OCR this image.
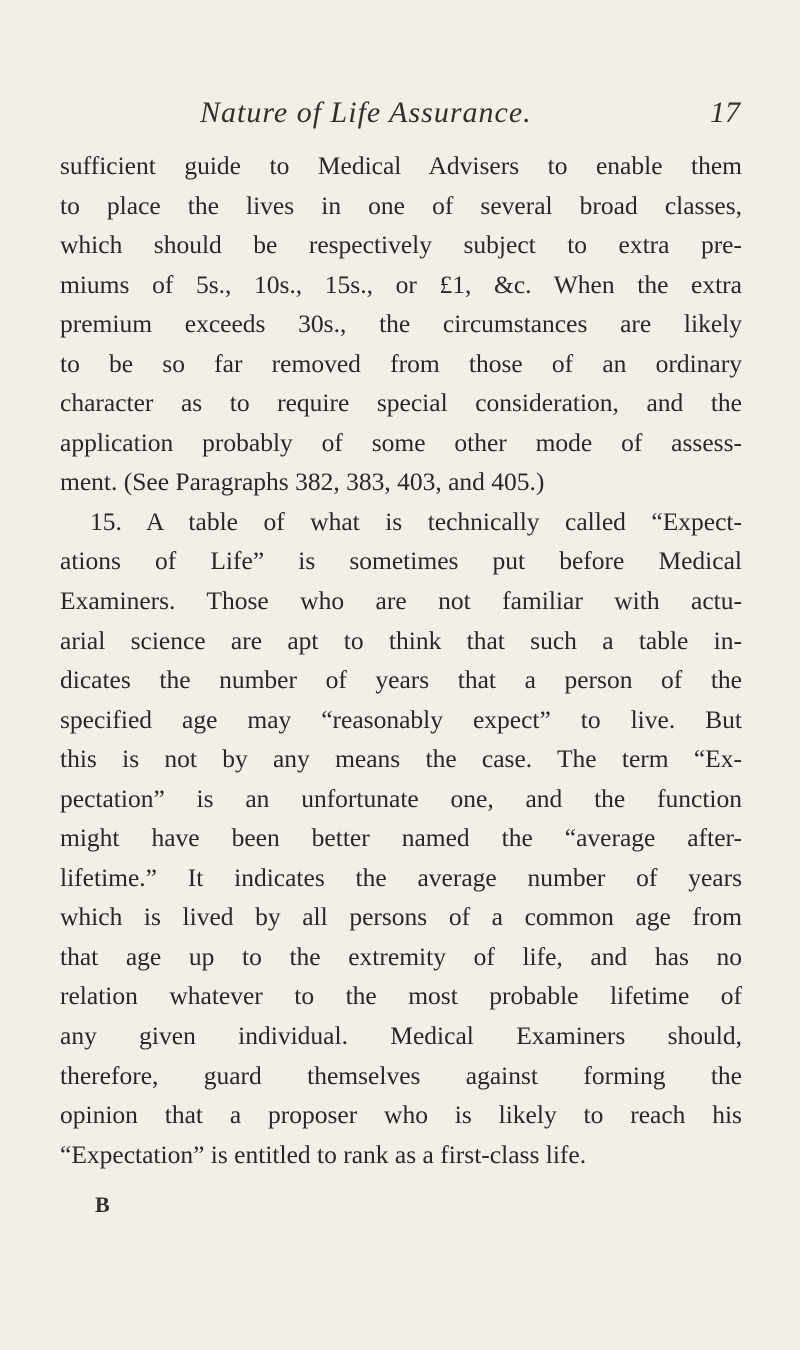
Nature of Life Assurance.	17
sufficient guide to Medical Advisers to enable them
to place the lives in one of several broad classes,
which should be respectively subject to extra pre-
miums of 5s., 10s., 15s., or £1, &c. When the extra
premium exceeds 30s., the circumstances are likely
to be so far removed from those of an ordinary
character as to require special consideration, and the
application probably of some other mode of assess-
ment. (See Paragraphs 382, 383, 403, and 405.)
15. A table of what is technically called “Expect-
ations of Life” is sometimes put before Medical
Examiners. Those who are not familiar with actu-
arial science are apt to think that such a table in-
dicates the number of years that a person of the
specified age may “reasonably expect” to live. But
this is not by any means the case. The term “Ex-
pectation” is an unfortunate one, and the function
might have been better named the “average after-
lifetime.” It indicates the average number of years
which is lived by all persons of a common age from
that age up to the extremity of life, and has no
relation whatever to the most probable lifetime of
any given individual. Medical Examiners should,
therefore, guard themselves against forming the
opinion that a proposer who is likely to reach his
“Expectation” is entitled to rank as a first-class life.
B
